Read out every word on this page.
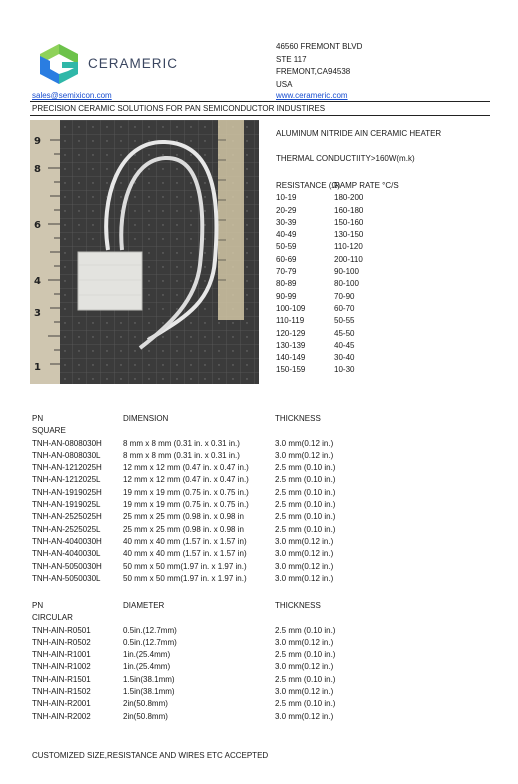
CERAMERIC
46560 FREMONT BLVD
STE 117
FREMONT,CA94538
USA
sales@semixicon.com	www.cerameric.com
PRECISION CERAMIC SOLUTIONS FOR PAN SEMICONDUCTOR INDUSTIRES
9
8
6
4
3
1
ALUMINUM NITRIDE AIN CERAMIC HEATER
THERMAL CONDUCTIITY>160W(m.k)
RESISTANCE (Ω)
RAMP RATE °C/S
10-19	180-200
20-29	160-180
30-39	150-160
40-49	130-150
50-59	110-120
60-69	200-110
70-79	90-100
80-89	80-100
90-99	70-90
100-109	60-70
110-119	50-55
120-129	45-50
130-139	40-45
140-149	30-40
150-159	10-30
PN	DIMENSION	THICKNESS
SQUARE
TNH-AN-0808030H	8 mm x 8 mm (0.31 in. x 0.31 in.)	3.0 mm(0.12 in.)
TNH-AN-0808030L	8 mm x 8 mm (0.31 in. x 0.31 in.)	3.0 mm(0.12 in.)
TNH-AN-1212025H	12 mm x 12 mm (0.47 in. x 0.47 in.)	2.5 mm (0.10 in.)
TNH-AN-1212025L	12 mm x 12 mm (0.47 in. x 0.47 in.)	2.5 mm (0.10 in.)
TNH-AN-1919025H	19 mm x 19 mm (0.75 in. x 0.75 in.)	2.5 mm (0.10 in.)
TNH-AN-1919025L	19 mm x 19 mm (0.75 in. x 0.75 in.)	2.5 mm (0.10 in.)
TNH-AN-2525025H	25 mm x 25 mm (0.98 in. x 0.98 in	2.5 mm (0.10 in.)
TNH-AN-2525025L	25 mm x 25 mm (0.98 in. x 0.98 in	2.5 mm (0.10 in.)
TNH-AN-4040030H	40 mm x 40 mm (1.57 in. x 1.57 in)	3.0 mm(0.12 in.)
TNH-AN-4040030L	40 mm x 40 mm (1.57 in. x 1.57 in)	3.0 mm(0.12 in.)
TNH-AN-5050030H	50 mm x 50 mm(1.97 in. x 1.97 in.)	3.0 mm(0.12 in.)
TNH-AN-5050030L	50 mm x 50 mm(1.97 in. x 1.97 in.)	3.0 mm(0.12 in.)
PN	DIAMETER	THICKNESS
CIRCULAR
TNH-AIN-R0501	0.5in.(12.7mm)	2.5 mm (0.10 in.)
TNH-AIN-R0502	0.5in.(12.7mm)	3.0 mm(0.12 in.)
TNH-AIN-R1001	1in.(25.4mm)	2.5 mm (0.10 in.)
TNH-AIN-R1002	1in.(25.4mm)	3.0 mm(0.12 in.)
TNH-AIN-R1501	1.5in(38.1mm)	2.5 mm (0.10 in.)
TNH-AIN-R1502	1.5in(38.1mm)	3.0 mm(0.12 in.)
TNH-AIN-R2001	2in(50.8mm)	2.5 mm (0.10 in.)
TNH-AIN-R2002	2in(50.8mm)	3.0 mm(0.12 in.)
CUSTOMIZED SIZE,RESISTANCE AND WIRES ETC ACCEPTED
